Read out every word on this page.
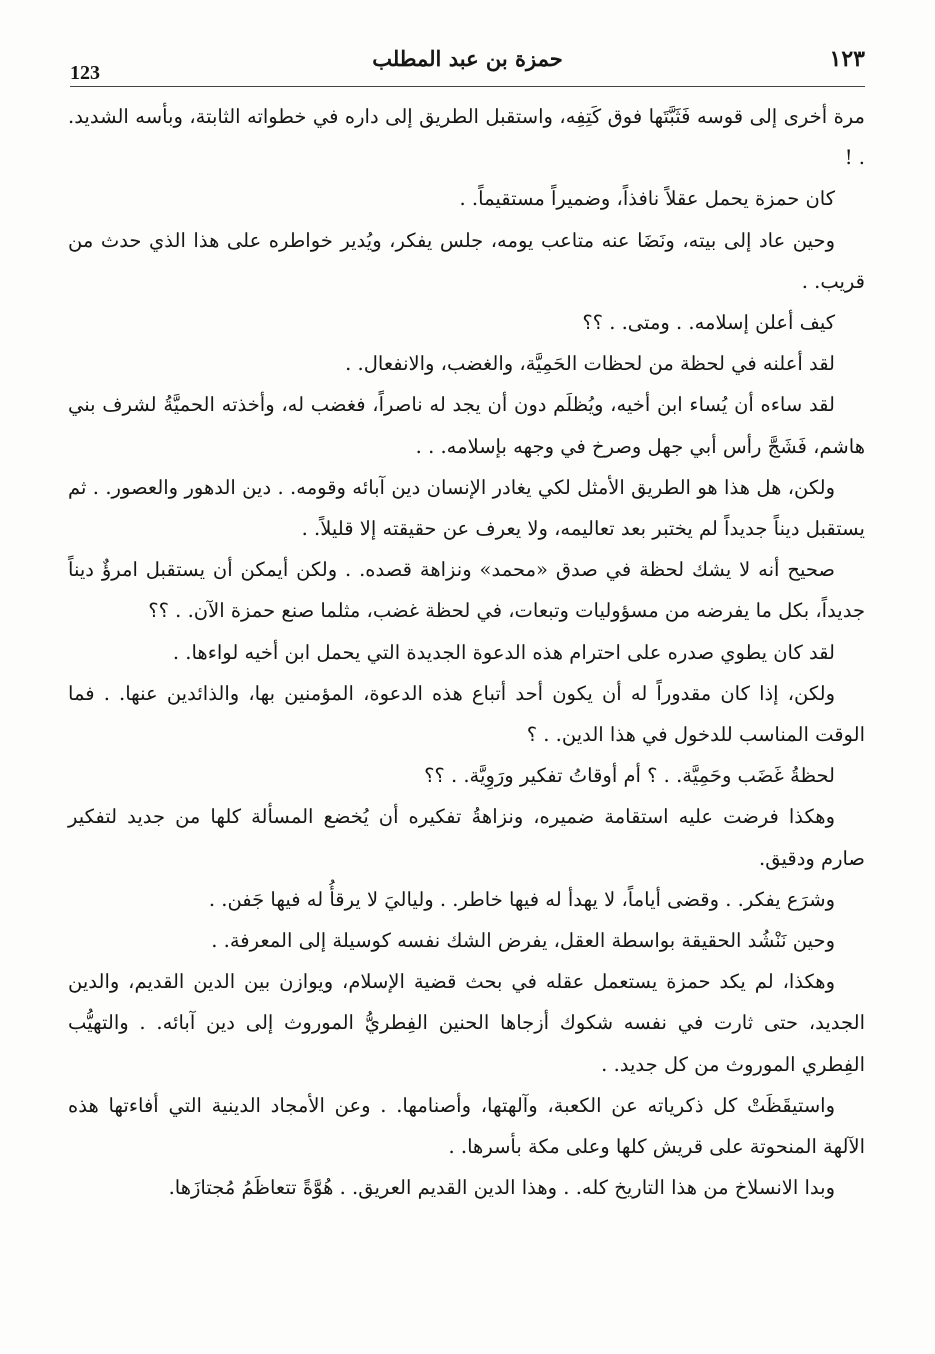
١٢٣
حمزة بن عبد المطلب
123

مرة أخرى إلى قوسه فَثَبَّتَها فوق كَتِفِه، واستقبل الطريق إلى داره في خطواته الثابتة، وبأسه الشديد. . !

كان حمزة يحمل عقلاً نافذاً، وضميراً مستقيماً. .

وحين عاد إلى بيته، ونَضَا عنه متاعب يومه، جلس يفكر، ويُدير خواطره على هذا الذي حدث من قريب. .

كيف أعلن إسلامه. . ومتى. . ؟؟

لقد أعلنه في لحظة من لحظات الحَمِيَّة، والغضب، والانفعال. .

لقد ساءه أن يُساء ابن أخيه، ويُظلَم دون أن يجد له ناصراً، فغضب له، وأخذته الحميَّةُ لشرف بني هاشم، فَشَجَّ رأس أبي جهل وصرخ في وجهه بإسلامه. . .

ولكن، هل هذا هو الطريق الأمثل لكي يغادر الإنسان دين آبائه وقومه. . دين الدهور والعصور. . ثم يستقبل ديناً جديداً لم يختبر بعد تعاليمه، ولا يعرف عن حقيقته إلا قليلاً. .

صحيح أنه لا يشك لحظة في صدق «محمد» ونزاهة قصده. . ولكن أيمكن أن يستقبل امرؤٌ ديناً جديداً، بكل ما يفرضه من مسؤوليات وتبعات، في لحظة غضب، مثلما صنع حمزة الآن. . ؟؟

لقد كان يطوي صدره على احترام هذه الدعوة الجديدة التي يحمل ابن أخيه لواءها. .

ولكن، إذا كان مقدوراً له أن يكون أحد أتباع هذه الدعوة، المؤمنين بها، والذائدين عنها. . فما الوقت المناسب للدخول في هذا الدين. . ؟

لحظةُ غَضَب وحَمِيَّة. . ؟ أم أوقاتُ تفكير ورَوِيَّة. . ؟؟

وهكذا فرضت عليه استقامة ضميره، ونزاهةُ تفكيره أن يُخضع المسألة كلها من جديد لتفكير صارم ودقيق.

وشرَع يفكر. . وقضى أياماً، لا يهدأ له فيها خاطر. . ولياليَ لا يرقأُ له فيها جَفن. .

وحين نَنْشُد الحقيقة بواسطة العقل، يفرض الشك نفسه كوسيلة إلى المعرفة. .

وهكذا، لم يكد حمزة يستعمل عقله في بحث قضية الإسلام، ويوازن بين الدين القديم، والدين الجديد، حتى ثارت في نفسه شكوك أزجاها الحنين الفِطريُّ الموروث إلى دين آبائه. . والتهيُّب الفِطري الموروث من كل جديد. .

واستيقَظَتْ كل ذكرياته عن الكعبة، وآلهتها، وأصنامها. . وعن الأمجاد الدينية التي أفاءتها هذه الآلهة المنحوتة على قريش كلها وعلى مكة بأسرها. .

وبدا الانسلاخ من هذا التاريخ كله. . وهذا الدين القديم العريق. . هُوَّةً تتعاظَمُ مُجتازَها.
